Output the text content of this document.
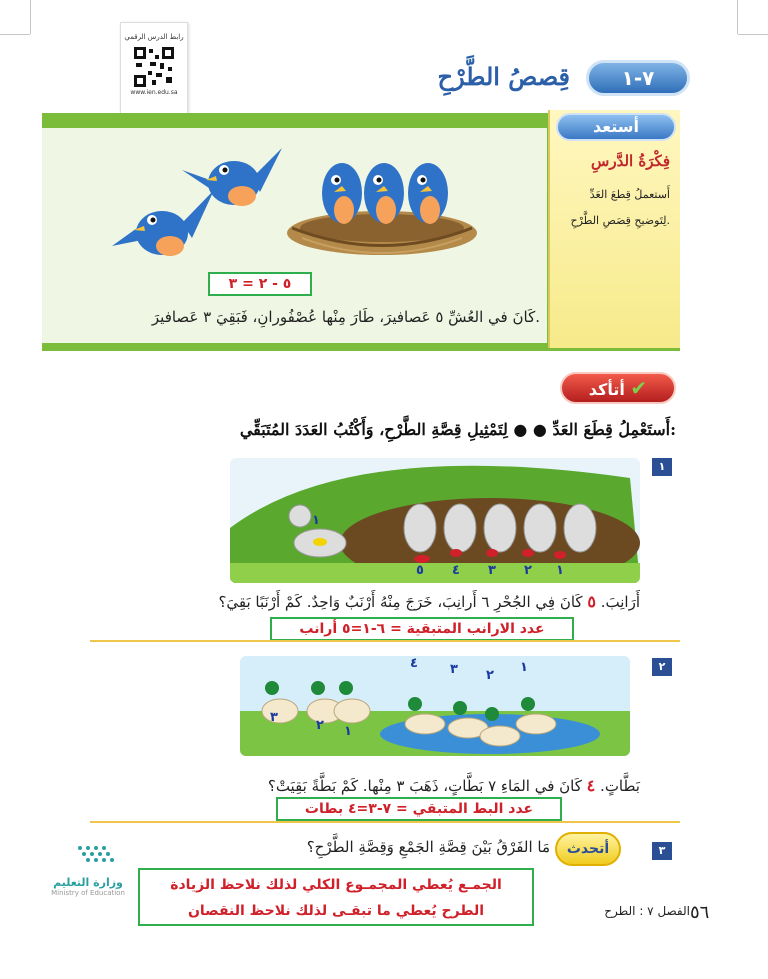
رابط الدرس الرقمي
www.ien.edu.sa
٧-١
قِصصُ الطَّرْحِ
أستعد
فِكْرَةُ الدَّرسِ
أَستعملُ قِطعَ العَدِّ لِتَوضيحِ قِصَصِ الطَّرْحِ.
٥ - ٢ = ٣
كَانَ في العُشِّ ٥ عَصافيرَ، طَارَ مِنْها عُصْفُورانِ، فَبَقِيَ ٣ عَصافيرَ.
أتأكد ✔
أَستَعْمِلُ قِطَعَ العَدِّ ● ● لِتَمْثِيلِ قِصَّةِ الطَّرْحِ، وَأَكْتُبُ العَدَدَ المُتَبَقِّي:
١
١
٥ ٤ ٣ ٢ ١
أَرَانِبَ. ٥ كَانَ فِي الجُحْرِ ٦ أَرانِبَ، خَرَجَ مِنْهُ أَرْنَبٌ وَاحِدٌ. كَمْ أَرْنَبًا بَقِيَ؟
عدد الارانب المتبقية = ٦-١=٥ أرانب
٢
٤ ٣ ٢
١
٣
٢ ١
بَطَّاتٍ. ٤ كَانَ في المَاءِ ٧ بَطَّاتٍ، ذَهَبَ ٣ مِنْها. كَمْ بَطَّةً بَقِيَتْ؟
عدد البط المتبقي = ٧-٣=٤ بطات
٣
أتحدث
مَا الفَرْقُ بَيْنَ قِصَّةِ الجَمْعِ وَقِصَّةِ الطَّرْحِ؟
الجمـع يُعطي المجمـوع الكلي لذلك نلاحظ الزيادة
الطرح يُعطي ما تبقـى لذلك نلاحظ النقصان
وزارة التعليم
Ministry of Education
الفصل ٧ : الطرح ٥٦
